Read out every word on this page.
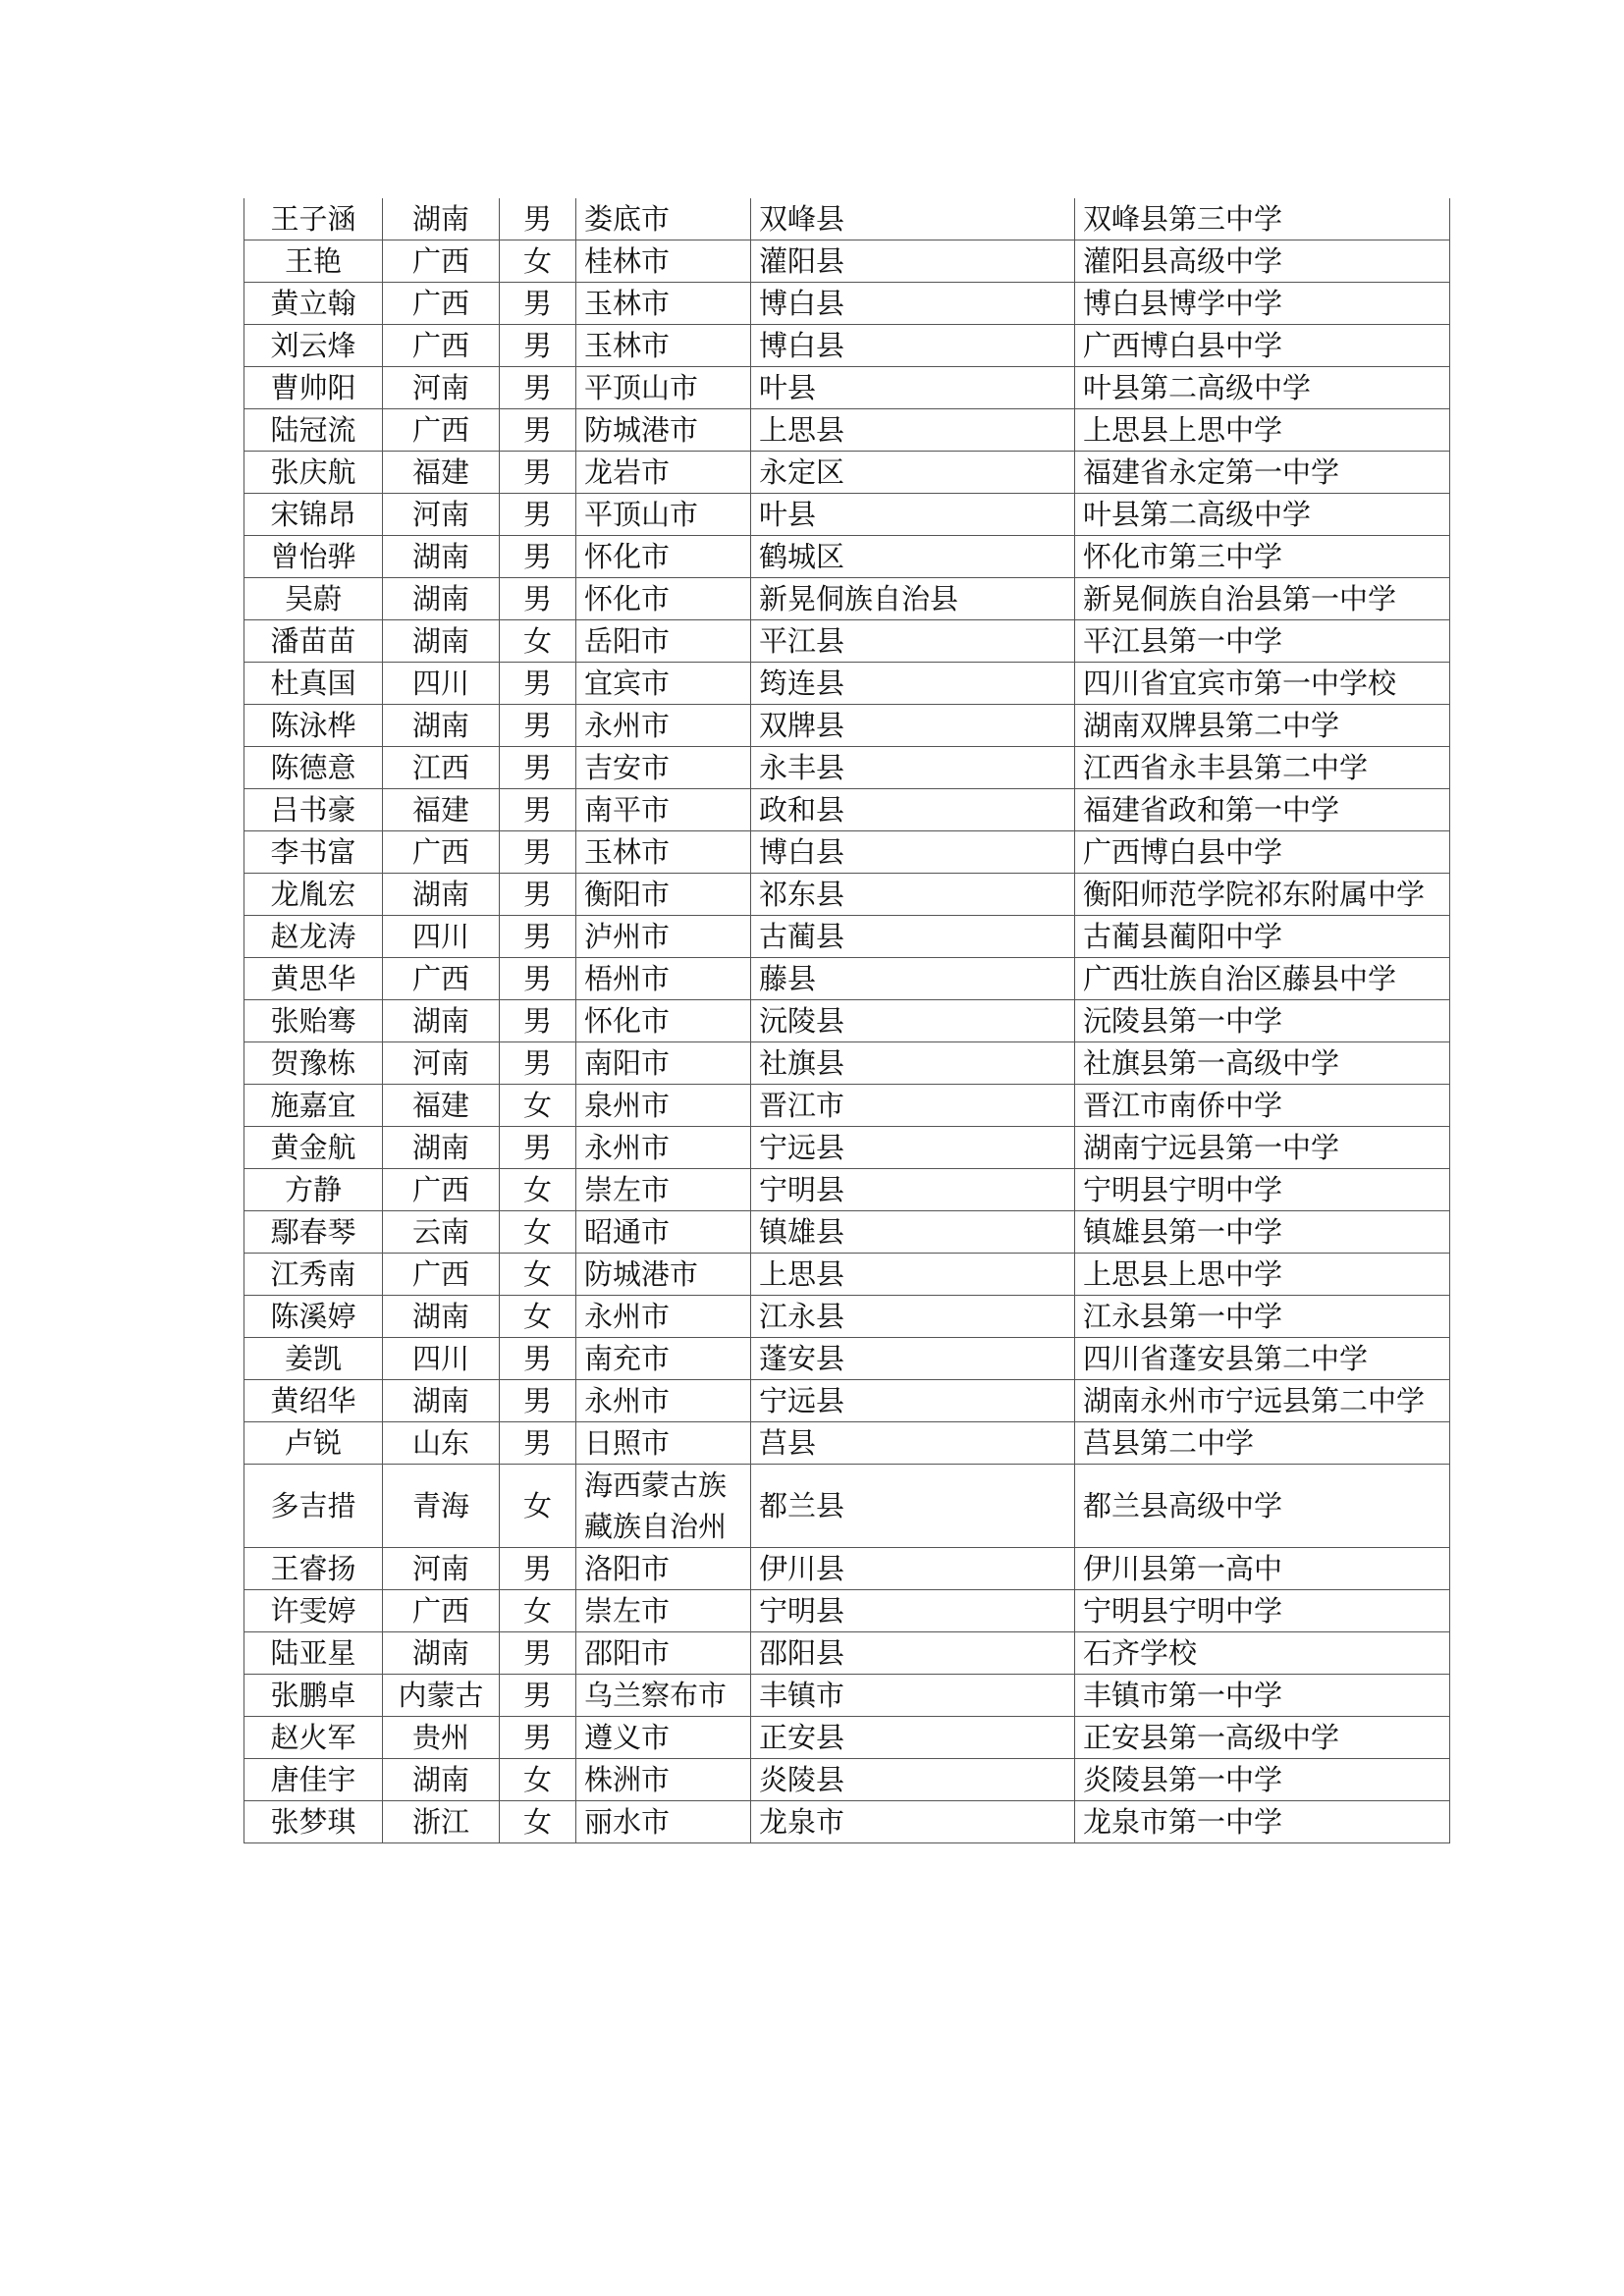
王子涵	湖南	男	娄底市	双峰县	双峰县第三中学
王艳	广西	女	桂林市	灌阳县	灌阳县高级中学
黄立翰	广西	男	玉林市	博白县	博白县博学中学
刘云烽	广西	男	玉林市	博白县	广西博白县中学
曹帅阳	河南	男	平顶山市	叶县	叶县第二高级中学
陆冠流	广西	男	防城港市	上思县	上思县上思中学
张庆航	福建	男	龙岩市	永定区	福建省永定第一中学
宋锦昂	河南	男	平顶山市	叶县	叶县第二高级中学
曾怡骅	湖南	男	怀化市	鹤城区	怀化市第三中学
吴蔚	湖南	男	怀化市	新晃侗族自治县	新晃侗族自治县第一中学
潘苗苗	湖南	女	岳阳市	平江县	平江县第一中学
杜真国	四川	男	宜宾市	筠连县	四川省宜宾市第一中学校
陈泳桦	湖南	男	永州市	双牌县	湖南双牌县第二中学
陈德意	江西	男	吉安市	永丰县	江西省永丰县第二中学
吕书豪	福建	男	南平市	政和县	福建省政和第一中学
李书富	广西	男	玉林市	博白县	广西博白县中学
龙胤宏	湖南	男	衡阳市	祁东县	衡阳师范学院祁东附属中学
赵龙涛	四川	男	泸州市	古蔺县	古蔺县蔺阳中学
黄思华	广西	男	梧州市	藤县	广西壮族自治区藤县中学
张贻骞	湖南	男	怀化市	沅陵县	沅陵县第一中学
贺豫栋	河南	男	南阳市	社旗县	社旗县第一高级中学
施嘉宜	福建	女	泉州市	晋江市	晋江市南侨中学
黄金航	湖南	男	永州市	宁远县	湖南宁远县第一中学
方静	广西	女	崇左市	宁明县	宁明县宁明中学
鄢春琴	云南	女	昭通市	镇雄县	镇雄县第一中学
江秀南	广西	女	防城港市	上思县	上思县上思中学
陈溪婷	湖南	女	永州市	江永县	江永县第一中学
姜凯	四川	男	南充市	蓬安县	四川省蓬安县第二中学
黄绍华	湖南	男	永州市	宁远县	湖南永州市宁远县第二中学
卢锐	山东	男	日照市	莒县	莒县第二中学
多吉措	青海	女	海西蒙古族藏族自治州	都兰县	都兰县高级中学
王睿扬	河南	男	洛阳市	伊川县	伊川县第一高中
许雯婷	广西	女	崇左市	宁明县	宁明县宁明中学
陆亚星	湖南	男	邵阳市	邵阳县	石齐学校
张鹏卓	内蒙古	男	乌兰察布市	丰镇市	丰镇市第一中学
赵火军	贵州	男	遵义市	正安县	正安县第一高级中学
唐佳宇	湖南	女	株洲市	炎陵县	炎陵县第一中学
张梦琪	浙江	女	丽水市	龙泉市	龙泉市第一中学
